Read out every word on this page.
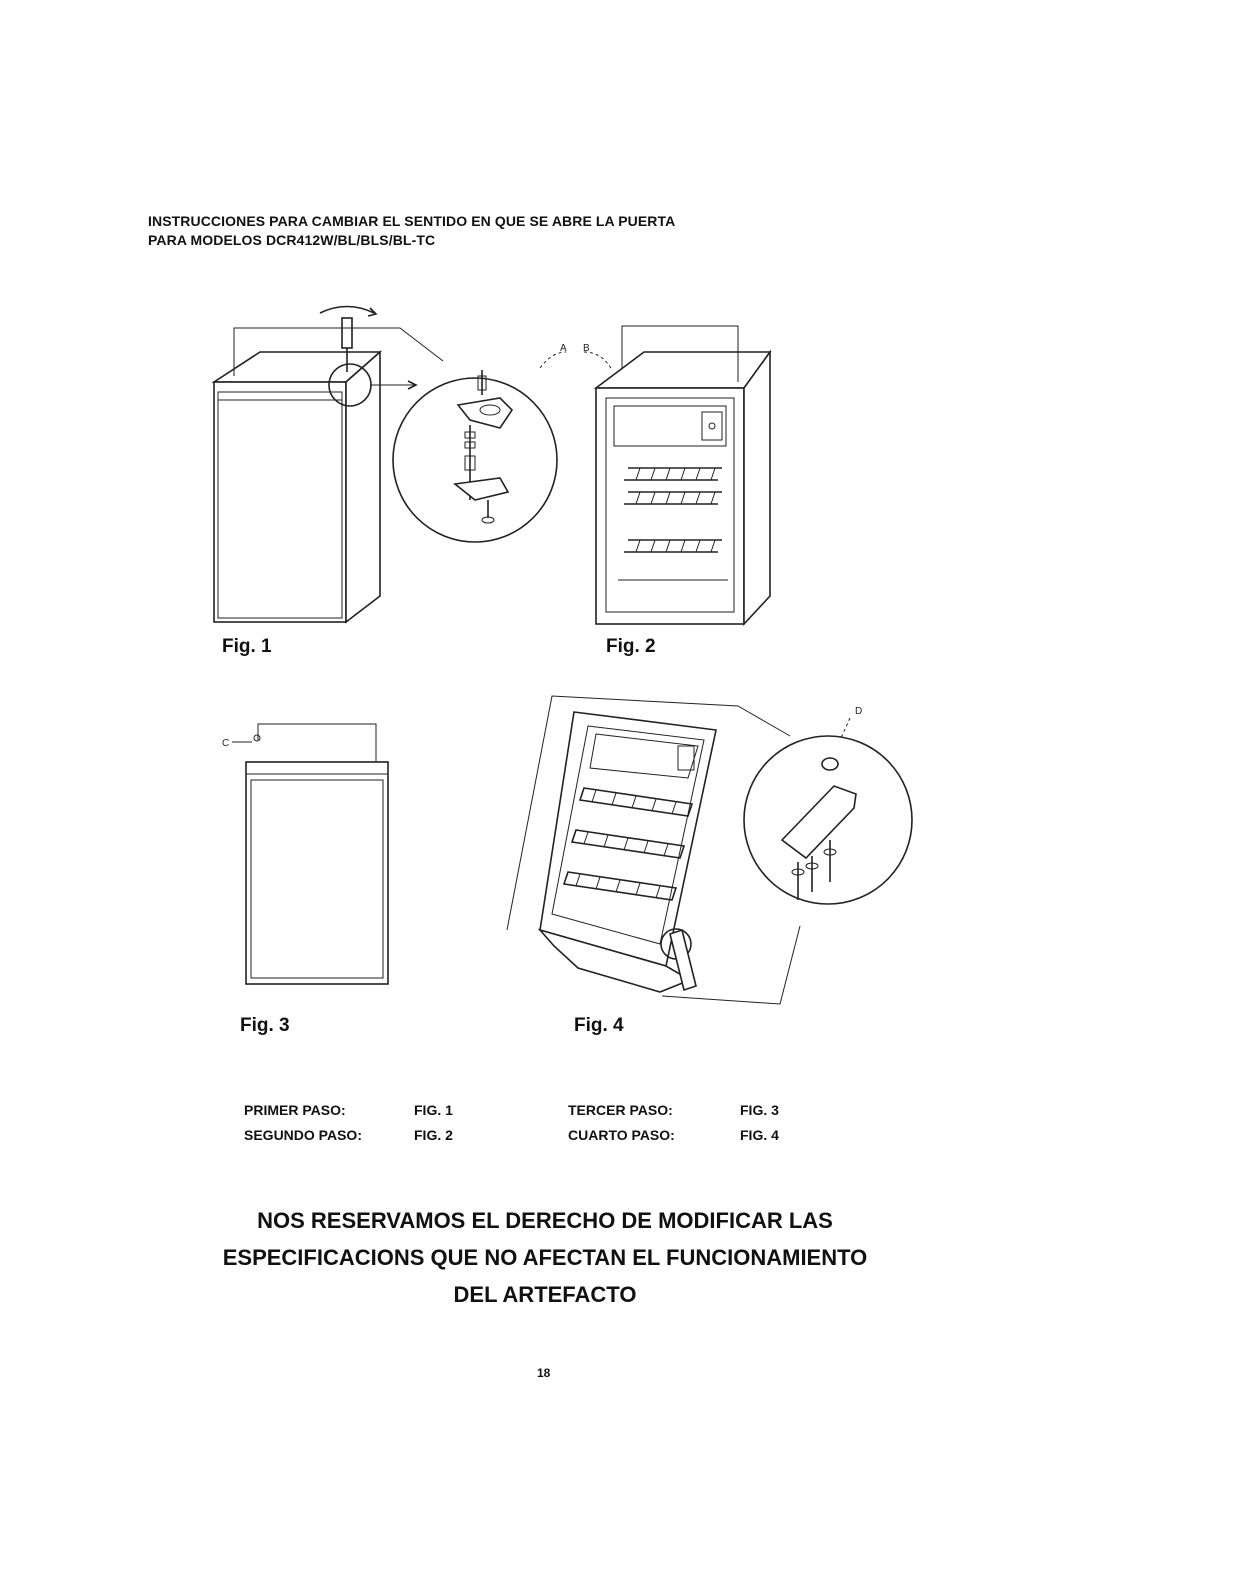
INSTRUCCIONES PARA CAMBIAR EL SENTIDO EN QUE SE ABRE LA PUERTA
PARA MODELOS DCR412W/BL/BLS/BL-TC
A B
C
D
Fig. 1	Fig. 2
Fig. 3	Fig. 4
PRIMER PASO:	FIG. 1
SEGUNDO PASO:	FIG. 2
TERCER PASO:	FIG. 3
CUARTO PASO:	FIG. 4
NOS RESERVAMOS EL DERECHO DE MODIFICAR LAS
ESPECIFICACIONS QUE NO AFECTAN EL FUNCIONAMIENTO
DEL ARTEFACTO
18
